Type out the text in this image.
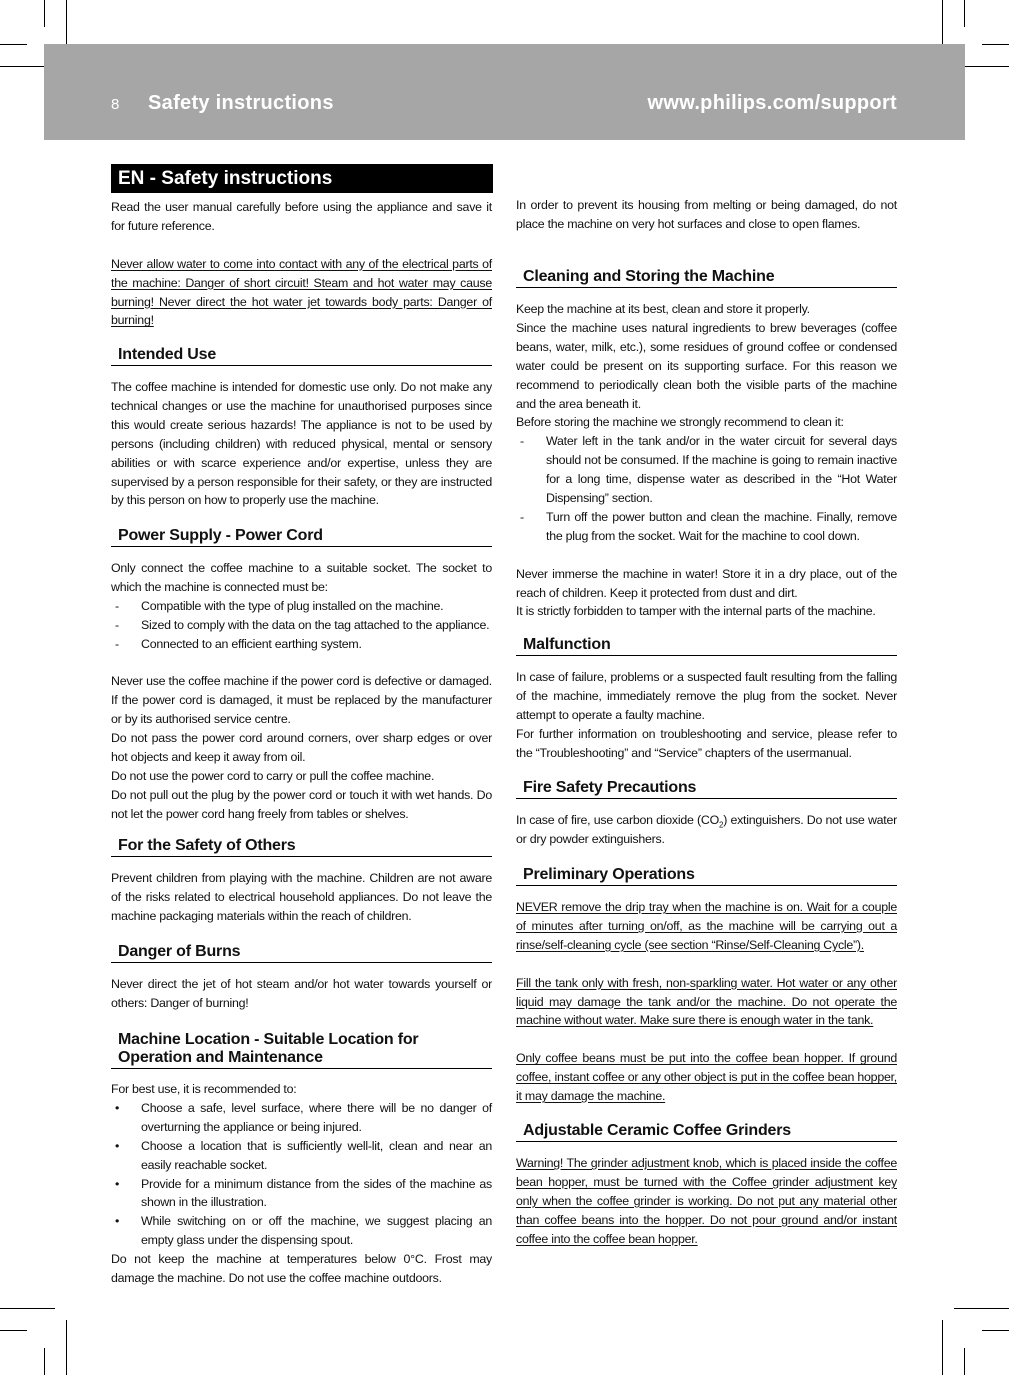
8 Safety instructions	www.philips.com/support
EN - Safety instructions

Read the user manual carefully before using the appliance and save it for future reference.

Never allow water to come into contact with any of the electrical parts of the machine: Danger of short circuit! Steam and hot water may cause burning! Never direct the hot water jet towards body parts: Danger of burning!

Intended Use

The coffee machine is intended for domestic use only. Do not make any technical changes or use the machine for unauthorised purposes since this would create serious hazards! The appliance is not to be used by persons (including children) with reduced physical, mental or sensory abilities or with scarce experience and/or expertise, unless they are supervised by a person responsible for their safety, or they are instructed by this person on how to properly use the machine.

Power Supply - Power Cord

Only connect the coffee machine to a suitable socket. The socket to which the machine is connected must be:

- Compatible with the type of plug installed on the machine.
- Sized to comply with the data on the tag attached to the appliance.
- Connected to an efficient earthing system.

Never use the coffee machine if the power cord is defective or damaged. If the power cord is damaged, it must be replaced by the manufacturer or by its authorised service centre.

Do not pass the power cord around corners, over sharp edges or over hot objects and keep it away from oil.

Do not use the power cord to carry or pull the coffee machine.

Do not pull out the plug by the power cord or touch it with wet hands. Do not let the power cord hang freely from tables or shelves.

For the Safety of Others

Prevent children from playing with the machine. Children are not aware of the risks related to electrical household appliances. Do not leave the machine packaging materials within the reach of children.

Danger of Burns

Never direct the jet of hot steam and/or hot water towards yourself or others: Danger of burning!

Machine Location - Suitable Location for Operation and Maintenance

For best use, it is recommended to:

• Choose a safe, level surface, where there will be no danger of overturning the appliance or being injured.
• Choose a location that is sufficiently well-lit, clean and near an easily reachable socket.
• Provide for a minimum distance from the sides of the machine as shown in the illustration.
• While switching on or off the machine, we suggest placing an empty glass under the dispensing spout.

Do not keep the machine at temperatures below 0°C. Frost may damage the machine. Do not use the coffee machine outdoors.

In order to prevent its housing from melting or being damaged, do not place the machine on very hot surfaces and close to open flames.

Cleaning and Storing the Machine

Keep the machine at its best, clean and store it properly.

Since the machine uses natural ingredients to brew beverages (coffee beans, water, milk, etc.), some residues of ground coffee or condensed water could be present on its supporting surface. For this reason we recommend to periodically clean both the visible parts of the machine and the area beneath it.

Before storing the machine we strongly recommend to clean it:

- Water left in the tank and/or in the water circuit for several days should not be consumed. If the machine is going to remain inactive for a long time, dispense water as described in the “Hot Water Dispensing” section.
- Turn off the power button and clean the machine. Finally, remove the plug from the socket. Wait for the machine to cool down.

Never immerse the machine in water! Store it in a dry place, out of the reach of children. Keep it protected from dust and dirt.

It is strictly forbidden to tamper with the internal parts of the machine.

Malfunction

In case of failure, problems or a suspected fault resulting from the falling of the machine, immediately remove the plug from the socket. Never attempt to operate a faulty machine.

For further information on troubleshooting and service, please refer to the “Troubleshooting” and “Service” chapters of the usermanual.

Fire Safety Precautions

In case of fire, use carbon dioxide $(CO_2)$ extinguishers. Do not use water or dry powder extinguishers.

Preliminary Operations

NEVER remove the drip tray when the machine is on. Wait for a couple of minutes after turning on/off, as the machine will be carrying out a rinse/self-cleaning cycle (see section “Rinse/Self-Cleaning Cycle”).

Fill the tank only with fresh, non-sparkling water. Hot water or any other liquid may damage the tank and/or the machine. Do not operate the machine without water. Make sure there is enough water in the tank.

Only coffee beans must be put into the coffee bean hopper. If ground coffee, instant coffee or any other object is put in the coffee bean hopper, it may damage the machine.

Adjustable Ceramic Coffee Grinders

Warning! The grinder adjustment knob, which is placed inside the coffee bean hopper, must be turned with the Coffee grinder adjustment key only when the coffee grinder is working. Do not put any material other than coffee beans into the hopper. Do not pour ground and/or instant coffee into the coffee bean hopper.
